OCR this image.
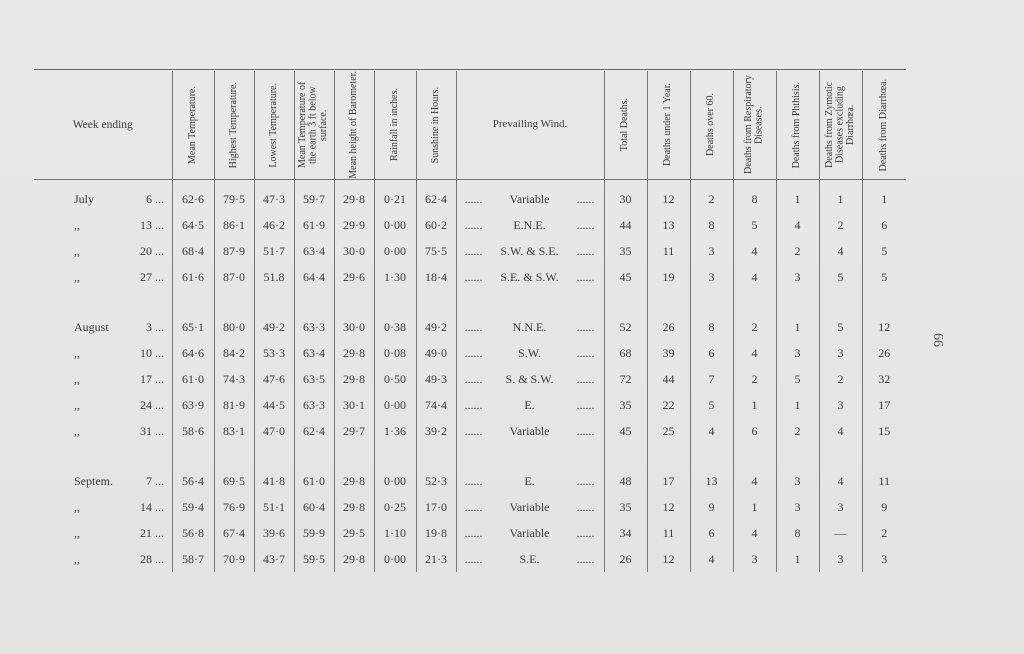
Week ending	Mean Temperature.	Highest Temperature.	Lowest Temperature.	Mean Temperature of the earth 3 ft below surface.	Mean height of Barometer.	Rainfall in inches.	Sunshine in Hours.	Prevailing Wind.	Total Deaths.	Deaths under 1 Year.	Deaths over 60.	Deaths from Respiratory Diseases.	Deaths from Phthisis.	Deaths from Zymotic Diseases excluding Diarrhœa.	Deaths from Diarrhœa.

July 6 ...	62·6	79·5	47·3	59·7	29·8	0·21	62·4	...... Variable ......	30	12	2	8	1	1	1
,, 13 ...	64·5	86·1	46·2	61·9	29·9	0·00	60·2	...... E.N.E. ......	44	13	8	5	4	2	6
,, 20 ...	68·4	87·9	51·7	63·4	30·0	0·00	75·5	...... S.W. & S.E. ......	35	11	3	4	2	4	5
,, 27 ...	61·6	87·0	51.8	64·4	29·6	1·30	18·4	...... S.E. & S.W. ......	45	19	3	4	3	5	5

August 3 ...	65·1	80·0	49·2	63·3	30·0	0·38	49·2	...... N.N.E. ......	52	26	8	2	1	5	12
,, 10 ...	64·6	84·2	53·3	63·4	29·8	0·08	49·0	...... S.W. ......	68	39	6	4	3	3	26
,, 17 ...	61·0	74·3	47·6	63·5	29·8	0·50	49·3	...... S. & S.W. ......	72	44	7	2	5	2	32
,, 24 ...	63·9	81·9	44·5	63·3	30·1	0·00	74·4	...... E. ......	35	22	5	1	1	3	17
,, 31 ...	58·6	83·1	47·0	62·4	29·7	1·36	39·2	...... Variable ......	45	25	4	6	2	4	15

Septem. 7 ...	56·4	69·5	41·8	61·0	29·8	0·00	52·3	...... E. ......	48	17	13	4	3	4	11
,, 14 ...	59·4	76·9	51·1	60·4	29·8	0·25	17·0	...... Variable ......	35	12	9	1	3	3	9
,, 21 ...	56·8	67·4	39·6	59·9	29·5	1·10	19·8	...... Variable ......	34	11	6	4	8	—	2
,, 28 ...	58·7	70·9	43·7	59·5	29·8	0·00	21·3	...... S.E. ......	26	12	4	3	1	3	3
66
